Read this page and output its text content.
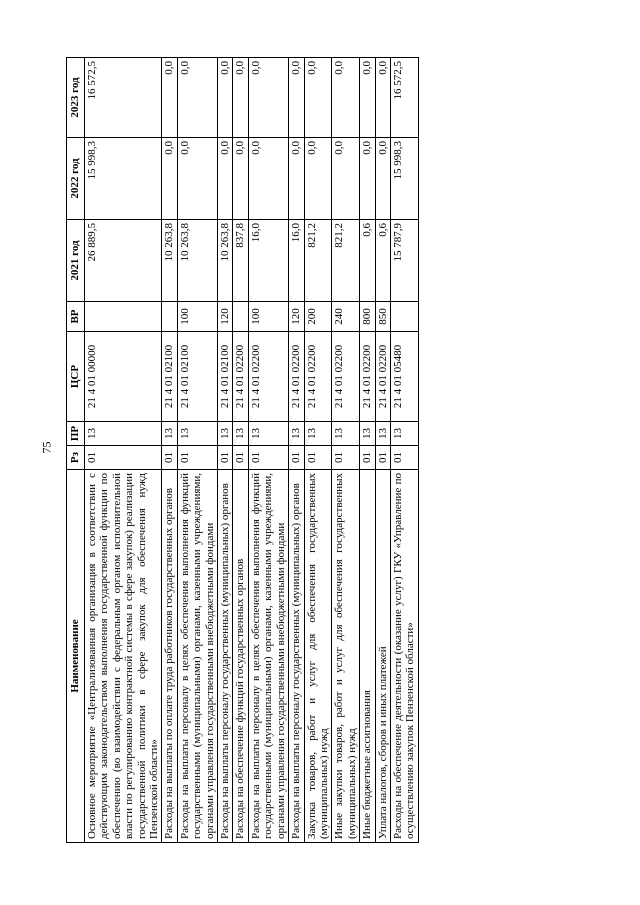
75
Наименование	Рз	ПР	ЦСР	ВР	2021 год	2022 год	2023 год
Основное мероприятие «Централизованная организация в соответствии с действующим законодательством выполнения государственной функции по обеспечению (во взаимодействии с федеральным органом исполнительной власти по регулированию контрактной системы в сфере закупок) реализации государственной политики в сфере закупок для обеспечения нужд Пензенской области»	01	13	21 4 01 00000		26 889,5	15 998,3	16 572,5
Расходы на выплаты по оплате труда работников государственных органов	01	13	21 4 01 02100		10 263,8	0,0	0,0
Расходы на выплаты персоналу в целях обеспечения выполнения функций государственными (муниципальными) органами, казенными учреждениями, органами управления государственными внебюджетными фондами	01	13	21 4 01 02100	100	10 263,8	0,0	0,0
Расходы на выплаты персоналу государственных (муниципальных) органов	01	13	21 4 01 02100	120	10 263,8	0,0	0,0
Расходы на обеспечение функций государственных органов	01	13	21 4 01 02200		837,8	0,0	0,0
Расходы на выплаты персоналу в целях обеспечения выполнения функций государственными (муниципальными) органами, казенными учреждениями, органами управления государственными внебюджетными фондами	01	13	21 4 01 02200	100	16,0	0,0	0,0
Расходы на выплаты персоналу государственных (муниципальных) органов	01	13	21 4 01 02200	120	16,0	0,0	0,0
Закупка товаров, работ и услуг для обеспечения государственных (муниципальных) нужд	01	13	21 4 01 02200	200	821,2	0,0	0,0
Иные закупки товаров, работ и услуг для обеспечения государственных (муниципальных) нужд	01	13	21 4 01 02200	240	821,2	0,0	0,0
Иные бюджетные ассигнования	01	13	21 4 01 02200	800	0,6	0,0	0,0
Уплата налогов, сборов и иных платежей	01	13	21 4 01 02200	850	0,6	0,0	0,0
Расходы на обеспечение деятельности (оказание услуг) ГКУ «Управление по осуществлению закупок Пензенской области»	01	13	21 4 01 05480		15 787,9	15 998,3	16 572,5
